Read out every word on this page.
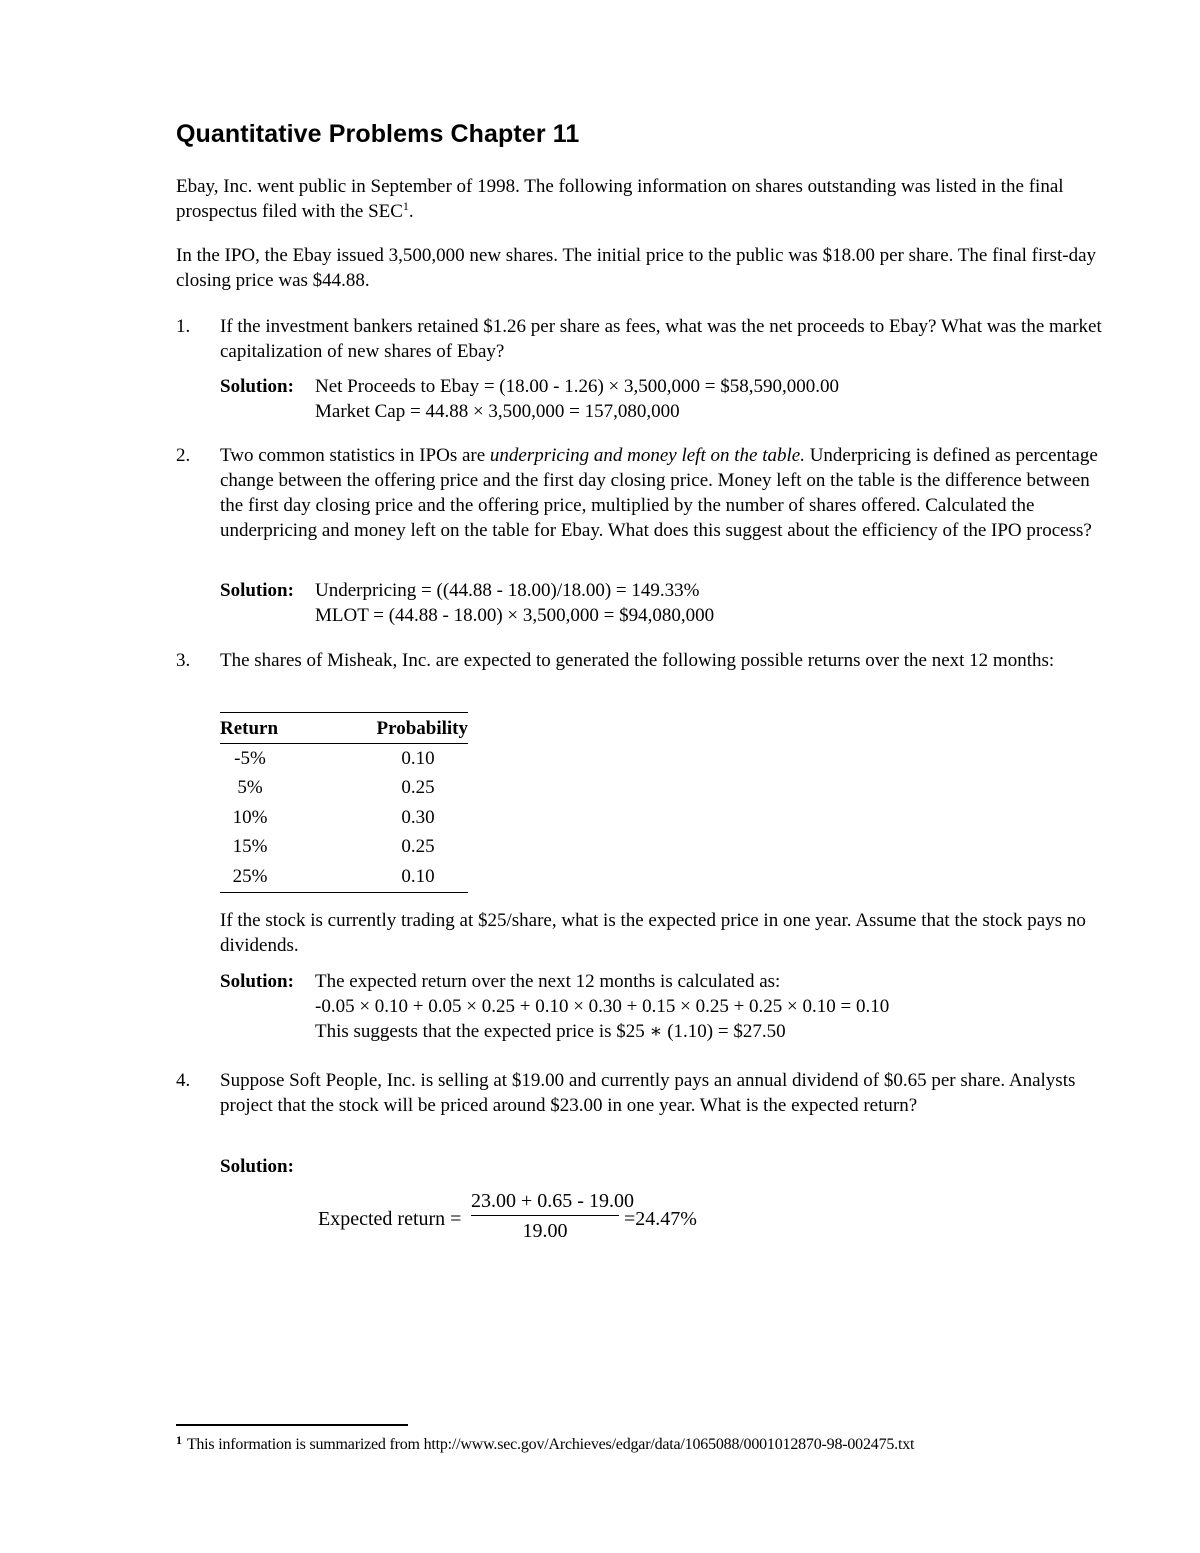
Quantitative Problems Chapter 11
Ebay, Inc. went public in September of 1998. The following information on shares outstanding was listed in the final prospectus filed with the SEC$^1$.
In the IPO, the Ebay issued 3,500,000 new shares. The initial price to the public was $18.00 per share. The final first-day closing price was $44.88.
1. If the investment bankers retained $1.26 per share as fees, what was the net proceeds to Ebay? What was the market capitalization of new shares of Ebay?
Solution: Net Proceeds to Ebay = (18.00 - 1.26) × 3,500,000 = $58,590,000.00
Market Cap = 44.88 × 3,500,000 = 157,080,000
2. Two common statistics in IPOs are underpricing and money left on the table. Underpricing is defined as percentage change between the offering price and the first day closing price. Money left on the table is the difference between the first day closing price and the offering price, multiplied by the number of shares offered. Calculated the underpricing and money left on the table for Ebay. What does this suggest about the efficiency of the IPO process?
Solution: Underpricing = ((44.88 - 18.00)/18.00) = 149.33%
MLOT = (44.88 - 18.00) × 3,500,000 = $94,080,000
3. The shares of Misheak, Inc. are expected to generated the following possible returns over the next 12 months:
Return	Probability
-5%	0.10
5%	0.25
10%	0.30
15%	0.25
25%	0.10
If the stock is currently trading at $25/share, what is the expected price in one year. Assume that the stock pays no dividends.
Solution: The expected return over the next 12 months is calculated as:
-0.05 × 0.10 + 0.05 × 0.25 + 0.10 × 0.30 + 0.15 × 0.25 + 0.25 × 0.10 = 0.10
This suggests that the expected price is $25 ∗ (1.10) = $27.50
4. Suppose Soft People, Inc. is selling at $19.00 and currently pays an annual dividend of $0.65 per share. Analysts project that the stock will be priced around $23.00 in one year. What is the expected return?
Solution:
Expected return = $\frac{23.00 + 0.65 - 19.00}{19.00} =24.47\%$
$^1$ This information is summarized from http://www.sec.gov/Archieves/edgar/data/1065088/0001012870-98-002475.txt
